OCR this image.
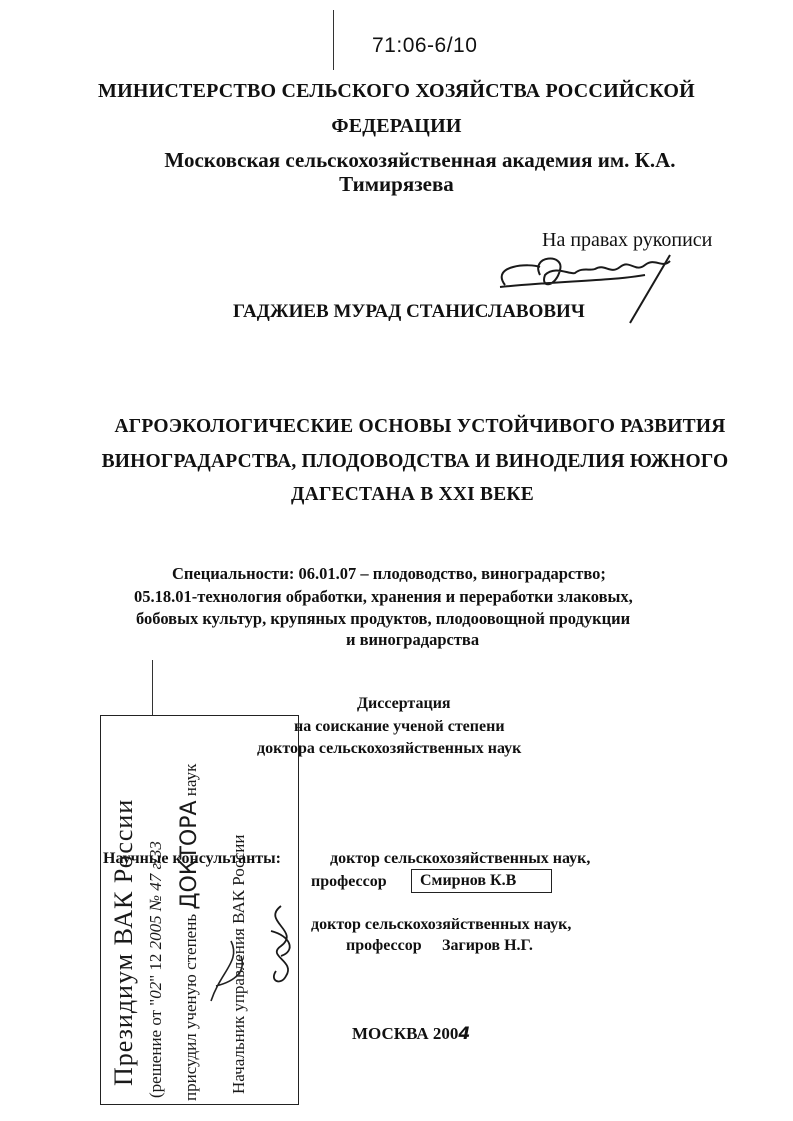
71:06-6/10
МИНИСТЕРСТВО СЕЛЬСКОГО ХОЗЯЙСТВА РОССИЙСКОЙ
ФЕДЕРАЦИИ
Московская сельскохозяйственная академия им. К.А.
Тимирязева
На правах рукописи
ГАДЖИЕВ МУРАД СТАНИСЛАВОВИЧ
АГРОЭКОЛОГИЧЕСКИЕ ОСНОВЫ УСТОЙЧИВОГО РАЗВИТИЯ
ВИНОГРАДАРСТВА, ПЛОДОВОДСТВА И ВИНОДЕЛИЯ ЮЖНОГО
ДАГЕСТАНА В XXI ВЕКЕ
Специальности: 06.01.07 – плодоводство, виноградарство;
05.18.01-технология обработки, хранения и переработки злаковых,
бобовых культур, крупяных продуктов, плодоовощной продукции
и виноградарства
Диссертация
на соискание ученой степени
доктора сельскохозяйственных наук
Научные консультанты:	доктор сельскохозяйственных наук,
профессор	Смирнов К.В
доктор сельскохозяйственных наук,
профессор Загиров Н.Г.
МОСКВА 2004
Президиум ВАК России (решение от "02" 12 2005 № 47 г/33
присудил ученую степень ДОКТОРА наук
Начальник управления ВАК России
